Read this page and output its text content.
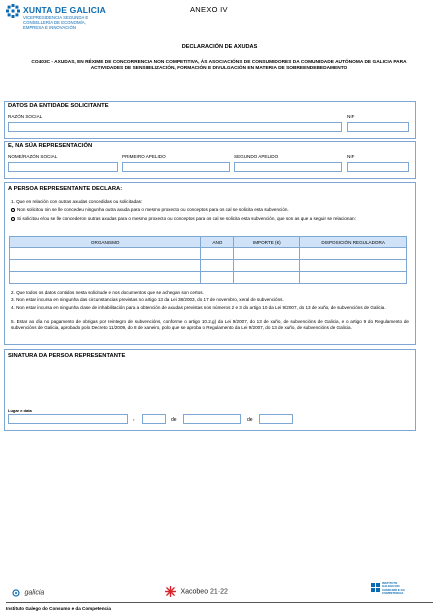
XUNTA DE GALICIA
VICEPRESIDENCIA SEGUNDA E
CONSELLERÍA DE ECONOMÍA,
EMPRESA E INNOVACIÓN
ANEXO IV
DECLARACIÓN DE AXUDAS
CO403C - AXUDAS, EN RÉXIME DE CONCORRENCIA NON COMPETITIVA, ÁS ASOCIACIÓNS DE CONSUMIDORES DA COMUNIDADE AUTÓNOMA DE GALICIA PARA ACTIVIDADES DE SENSIBILIZACIÓN, FORMACIÓN E DIVULGACIÓN EN MATERIA DE SOBREENDEBEDAMENTO
DATOS DA ENTIDADE SOLICITANTE
RAZÓN SOCIAL	NIF
E, NA SÚA REPRESENTACIÓN
NOME/RAZÓN SOCIAL	PRIMEIRO APELIDO	SEGUNDO APELIDO	NIF
A PERSOA REPRESENTANTE DECLARA:
1. Que en relación con outras axudas concedidas ou solicitadas:
Non solicitou nin se lle concedeu ningunha outra axuda para o mesmo proxecto ou conceptos para os cal se solicita esta subvención.
Si solicitou e/ou se lle concederon outras axudas para o mesmo proxecto ou conceptos para os cal se solicita esta subvención, que son as que a seguir se relacionan:
ORGANISMO	ANO	IMPORTE (€)	DISPOSICIÓN REGULADORA

2. Que todos os datos contidos nesta solicitude e nos documentos que se achegan son certos.
3. Non estar incursa en ningunha das circunstancias previstas no artigo 13 da Lei 38/2003, do 17 de novembro, xeral de subvencións.
4. Non estar incursa en ningunha clase de inhabilitación para a obtención de axudas previstas nos números 2 e 3 do artigo 10 da Lei 9/2007, do 13 de xuño, de subvencións de Galicia.
5. Estar ao día no pagamento de obrigas por reintegro de subvencións, conforme o artigo 10.2.g) da Lei 9/2007, do 13 de xuño, de subvencións de Galicia, e o artigo 9 do Regulamento de subvencións de Galicia, aprobado polo Decreto 11/2009, do 8 de xaneiro, polo que se aproba o Regulamento da Lei 9/2007, do 13 de xuño, de subvencións de Galicia.
SINATURA DA PERSOA REPRESENTANTE
Lugar e data
,	de	de
galicia	Xacobeo 21·22
INSTITUTO
GALEGO DO
CONSUMO E DA
COMPETENCIA
Instituto Galego do Consumo e da Competencia
